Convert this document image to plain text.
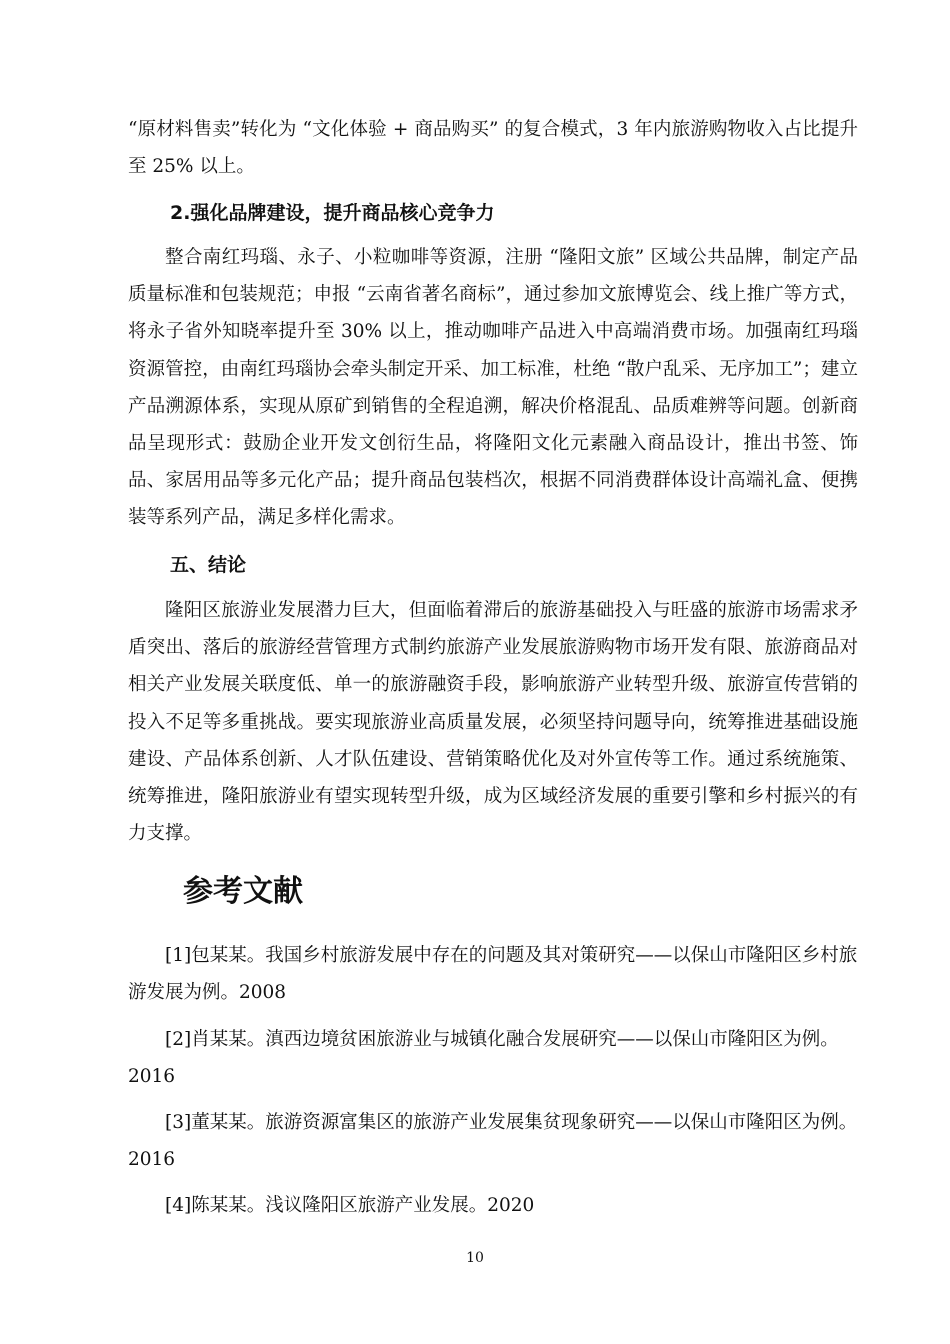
“原材料售卖”转化为 “文化体验 + 商品购买” 的复合模式，3 年内旅游购物收入占比提升至 25% 以上。

2.强化品牌建设，提升商品核心竞争力

整合南红玛瑙、永子、小粒咖啡等资源，注册 “隆阳文旅” 区域公共品牌，制定产品质量标准和包装规范；申报 “云南省著名商标”，通过参加文旅博览会、线上推广等方式，将永子省外知晓率提升至 30% 以上，推动咖啡产品进入中高端消费市场。加强南红玛瑙资源管控，由南红玛瑙协会牵头制定开采、加工标准，杜绝 “散户乱采、无序加工”；建立产品溯源体系，实现从原矿到销售的全程追溯，解决价格混乱、品质难辨等问题。创新商品呈现形式：鼓励企业开发文创衍生品，将隆阳文化元素融入商品设计，推出书签、饰品、家居用品等多元化产品；提升商品包装档次，根据不同消费群体设计高端礼盒、便携装等系列产品，满足多样化需求。

五、结论

隆阳区旅游业发展潜力巨大，但面临着滞后的旅游基础投入与旺盛的旅游市场需求矛盾突出、落后的旅游经营管理方式制约旅游产业发展旅游购物市场开发有限、旅游商品对相关产业发展关联度低、单一的旅游融资手段，影响旅游产业转型升级、旅游宣传营销的投入不足等多重挑战。要实现旅游业高质量发展，必须坚持问题导向，统筹推进基础设施建设、产品体系创新、人才队伍建设、营销策略优化及对外宣传等工作。通过系统施策、统筹推进，隆阳旅游业有望实现转型升级，成为区域经济发展的重要引擎和乡村振兴的有力支撑。

参考文献

[1]包某某。我国乡村旅游发展中存在的问题及其对策研究——以保山市隆阳区乡村旅游发展为例。2008

[2]肖某某。滇西边境贫困旅游业与城镇化融合发展研究——以保山市隆阳区为例。2016

[3]董某某。旅游资源富集区的旅游产业发展集贫现象研究——以保山市隆阳区为例。2016

[4]陈某某。浅议隆阳区旅游产业发展。2020

10
